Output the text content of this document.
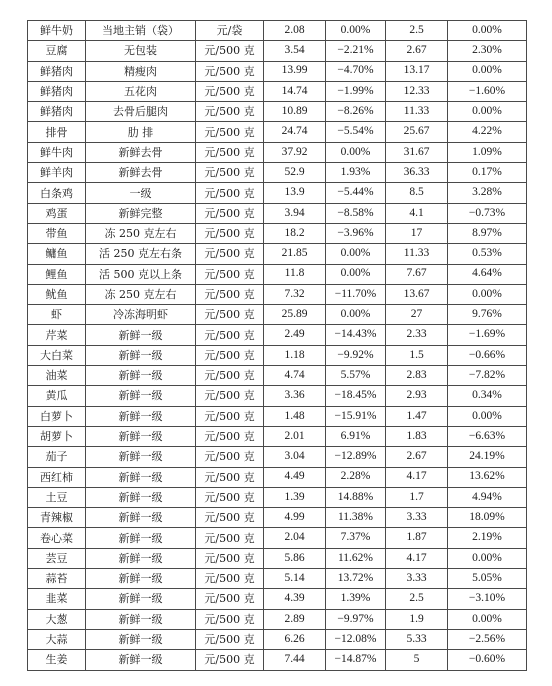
鲜牛奶	当地主销（袋）	元/袋	2.08	0.00%	2.5	0.00%
豆腐	无包装	元/500 克	3.54	−2.21%	2.67	2.30%
鲜猪肉	精瘦肉	元/500 克	13.99	−4.70%	13.17	0.00%
鲜猪肉	五花肉	元/500 克	14.74	−1.99%	12.33	−1.60%
鲜猪肉	去骨后腿肉	元/500 克	10.89	−8.26%	11.33	0.00%
排骨	肋 排	元/500 克	24.74	−5.54%	25.67	4.22%
鲜牛肉	新鲜去骨	元/500 克	37.92	0.00%	31.67	1.09%
鲜羊肉	新鲜去骨	元/500 克	52.9	1.93%	36.33	0.17%
白条鸡	一级	元/500 克	13.9	−5.44%	8.5	3.28%
鸡蛋	新鲜完整	元/500 克	3.94	−8.58%	4.1	−0.73%
带鱼	冻 250 克左右	元/500 克	18.2	−3.96%	17	8.97%
鳙鱼	活 250 克左右条	元/500 克	21.85	0.00%	11.33	0.53%
鲤鱼	活 500 克以上条	元/500 克	11.8	0.00%	7.67	4.64%
鱿鱼	冻 250 克左右	元/500 克	7.32	−11.70%	13.67	0.00%
虾	冷冻海明虾	元/500 克	25.89	0.00%	27	9.76%
芹菜	新鲜一级	元/500 克	2.49	−14.43%	2.33	−1.69%
大白菜	新鲜一级	元/500 克	1.18	−9.92%	1.5	−0.66%
油菜	新鲜一级	元/500 克	4.74	5.57%	2.83	−7.82%
黄瓜	新鲜一级	元/500 克	3.36	−18.45%	2.93	0.34%
白萝卜	新鲜一级	元/500 克	1.48	−15.91%	1.47	0.00%
胡萝卜	新鲜一级	元/500 克	2.01	6.91%	1.83	−6.63%
茄子	新鲜一级	元/500 克	3.04	−12.89%	2.67	24.19%
西红柿	新鲜一级	元/500 克	4.49	2.28%	4.17	13.62%
土豆	新鲜一级	元/500 克	1.39	14.88%	1.7	4.94%
青辣椒	新鲜一级	元/500 克	4.99	11.38%	3.33	18.09%
卷心菜	新鲜一级	元/500 克	2.04	7.37%	1.87	2.19%
芸豆	新鲜一级	元/500 克	5.86	11.62%	4.17	0.00%
蒜苔	新鲜一级	元/500 克	5.14	13.72%	3.33	5.05%
韭菜	新鲜一级	元/500 克	4.39	1.39%	2.5	−3.10%
大葱	新鲜一级	元/500 克	2.89	−9.97%	1.9	0.00%
大蒜	新鲜一级	元/500 克	6.26	−12.08%	5.33	−2.56%
生姜	新鲜一级	元/500 克	7.44	−14.87%	5	−0.60%
